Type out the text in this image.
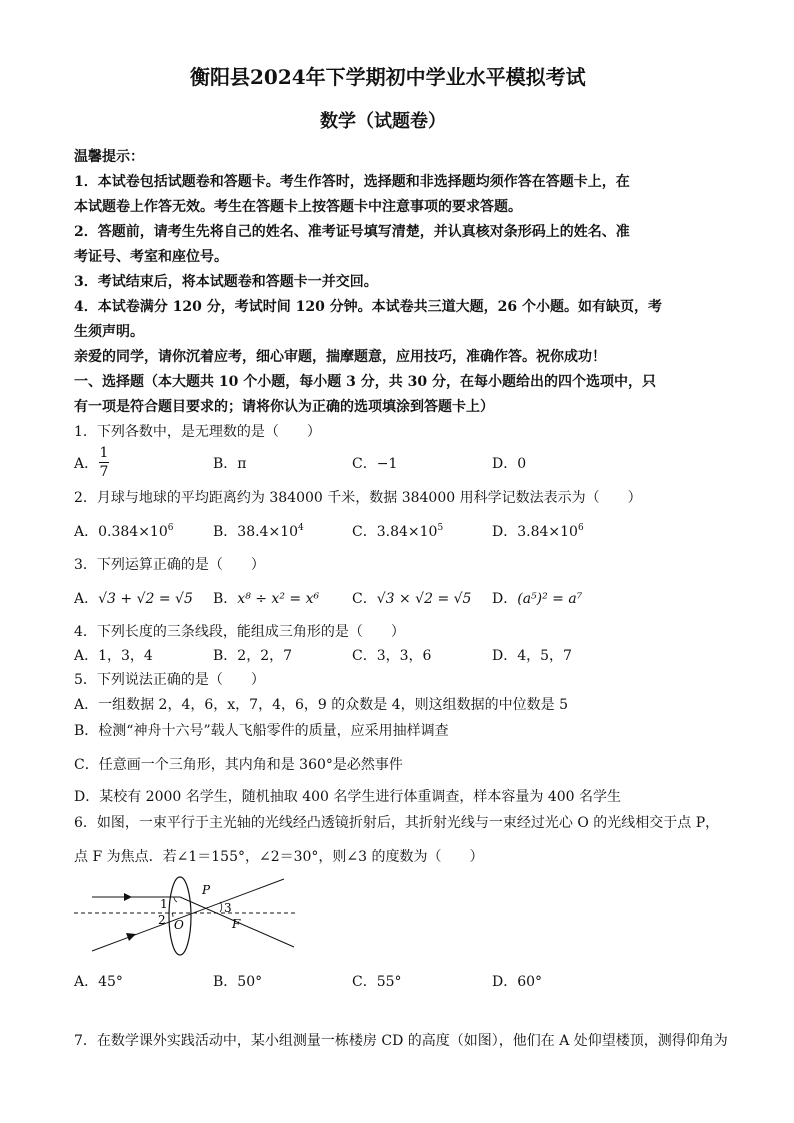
衡阳县2024年下学期初中学业水平模拟考试
数学（试题卷）
温馨提示：
1．本试卷包括试题卷和答题卡。考生作答时，选择题和非选择题均须作答在答题卡上，在
本试题卷上作答无效。考生在答题卡上按答题卡中注意事项的要求答题。
2．答题前，请考生先将自己的姓名、准考证号填写清楚，并认真核对条形码上的姓名、准
考证号、考室和座位号。
3．考试结束后，将本试题卷和答题卡一并交回。
4．本试卷满分 120 分，考试时间 120 分钟。本试卷共三道大题，26 个小题。如有缺页，考
生须声明。
亲爱的同学，请你沉着应考，细心审题，揣摩题意，应用技巧，准确作答。祝你成功！
一、选择题（本大题共 10 个小题，每小题 3 分，共 30 分，在每小题给出的四个选项中，只
有一项是符合题目要求的；请将你认为正确的选项填涂到答题卡上）
1．下列各数中，是无理数的是（　　）
A．
1
7	B．π	C．−1	D．0
2．月球与地球的平均距离约为 384000 千米，数据 384000 用科学记数法表示为（　　）
A．$0.384\times 10^6$	B．$38.4\times 10^4$	C．$3.84\times 10^5$	D．$3.84\times 10^6$
3．下列运算正确的是（　　）
A．√3 + √2 = √5 B．x⁸ ÷ x² = x⁶ C．√3 × √2 = √5 D．(a⁵)² = a⁷
4．下列长度的三条线段，能组成三角形的是（　　）
A．1，3，4	B．2，2，7	C．3，3，6	D．4，5，7
5．下列说法正确的是（　　）
A．一组数据 2，4，6，x，7，4，6，9 的众数是 4，则这组数据的中位数是 5
B．检测“神舟十六号”载人飞船零件的质量，应采用抽样调查
C．任意画一个三角形，其内角和是 360°是必然事件
D．某校有 2000 名学生，随机抽取 400 名学生进行体重调查，样本容量为 400 名学生
6．如图，一束平行于主光轴的光线经凸透镜折射后，其折射光线与一束经过光心 O 的光线相交于点 P，
点 F 为焦点．若∠1＝155°，∠2＝30°，则∠3 的度数为（　　）
1
2
3
P
O	F
A．45°	B．50°	C．55°	D．60°
7．在数学课外实践活动中，某小组测量一栋楼房 CD 的高度（如图），他们在 A 处仰望楼顶，测得仰角为
